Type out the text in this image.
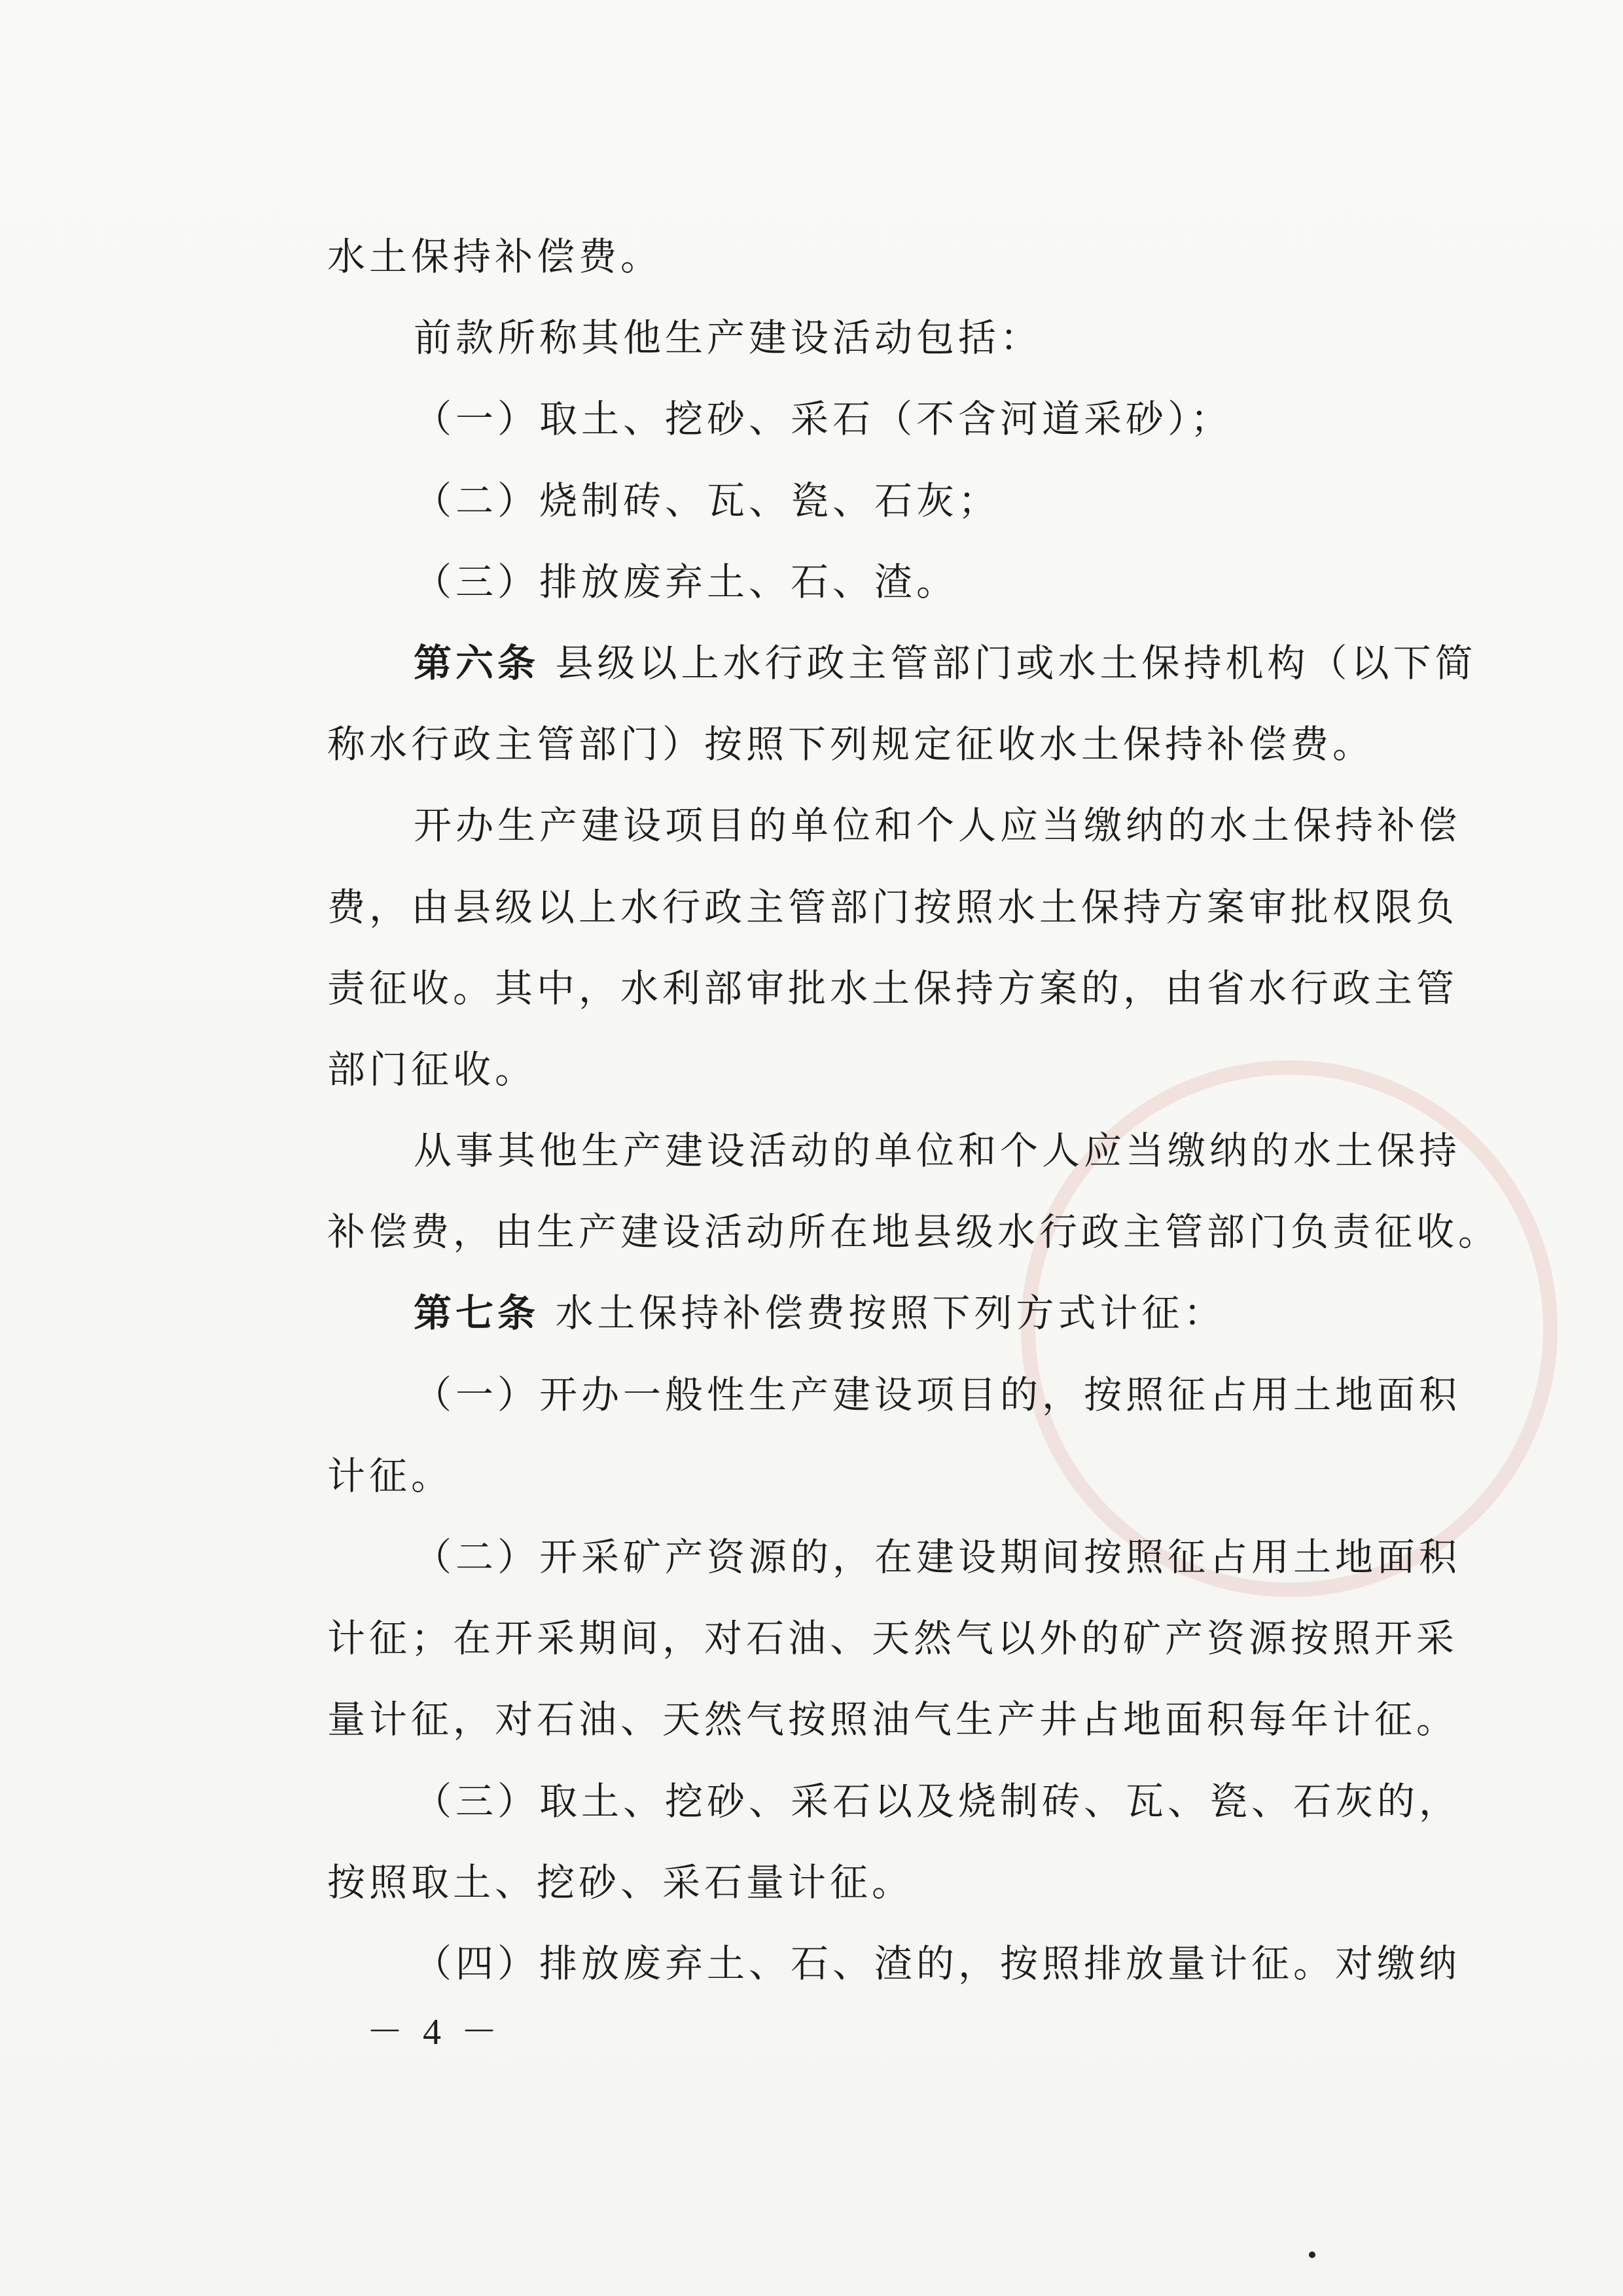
水土保持补偿费。
前款所称其他生产建设活动包括：
（一）取土、挖砂、采石（不含河道采砂）；
（二）烧制砖、瓦、瓷、石灰；
（三）排放废弃土、石、渣。
第六条 县级以上水行政主管部门或水土保持机构（以下简
称水行政主管部门）按照下列规定征收水土保持补偿费。
开办生产建设项目的单位和个人应当缴纳的水土保持补偿
费，由县级以上水行政主管部门按照水土保持方案审批权限负
责征收。其中，水利部审批水土保持方案的，由省水行政主管
部门征收。
从事其他生产建设活动的单位和个人应当缴纳的水土保持
补偿费，由生产建设活动所在地县级水行政主管部门负责征收。
第七条 水土保持补偿费按照下列方式计征：
（一）开办一般性生产建设项目的，按照征占用土地面积
计征。
（二）开采矿产资源的，在建设期间按照征占用土地面积
计征；在开采期间，对石油、天然气以外的矿产资源按照开采
量计征，对石油、天然气按照油气生产井占地面积每年计征。
（三）取土、挖砂、采石以及烧制砖、瓦、瓷、石灰的，
按照取土、挖砂、采石量计征。
（四）排放废弃土、石、渣的，按照排放量计征。对缴纳
－ 4 －
